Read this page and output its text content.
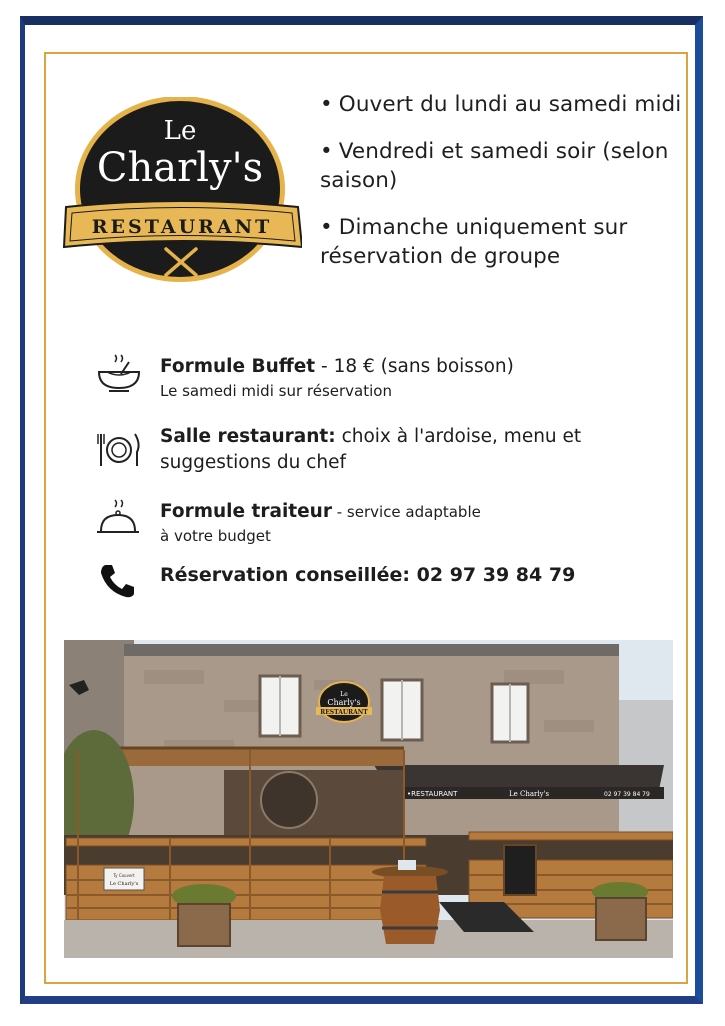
Le
Charly's
RESTAURANT
• Ouvert du lundi au samedi midi
• Vendredi et samedi soir (selon saison)
• Dimanche uniquement sur réservation de groupe
Formule Buffet - 18 € (sans boisson)
Le samedi midi sur réservation
Salle restaurant: choix à l'ardoise, menu et
suggestions du chef
Formule traiteur - service adaptable
à votre budget
Réservation conseillée: 02 97 39 84 79
Le
Charly's
RESTAURANT
•RESTAURANT	Le Charly's	02 97 39 84 79
Ty Couvert
Le Charly's
